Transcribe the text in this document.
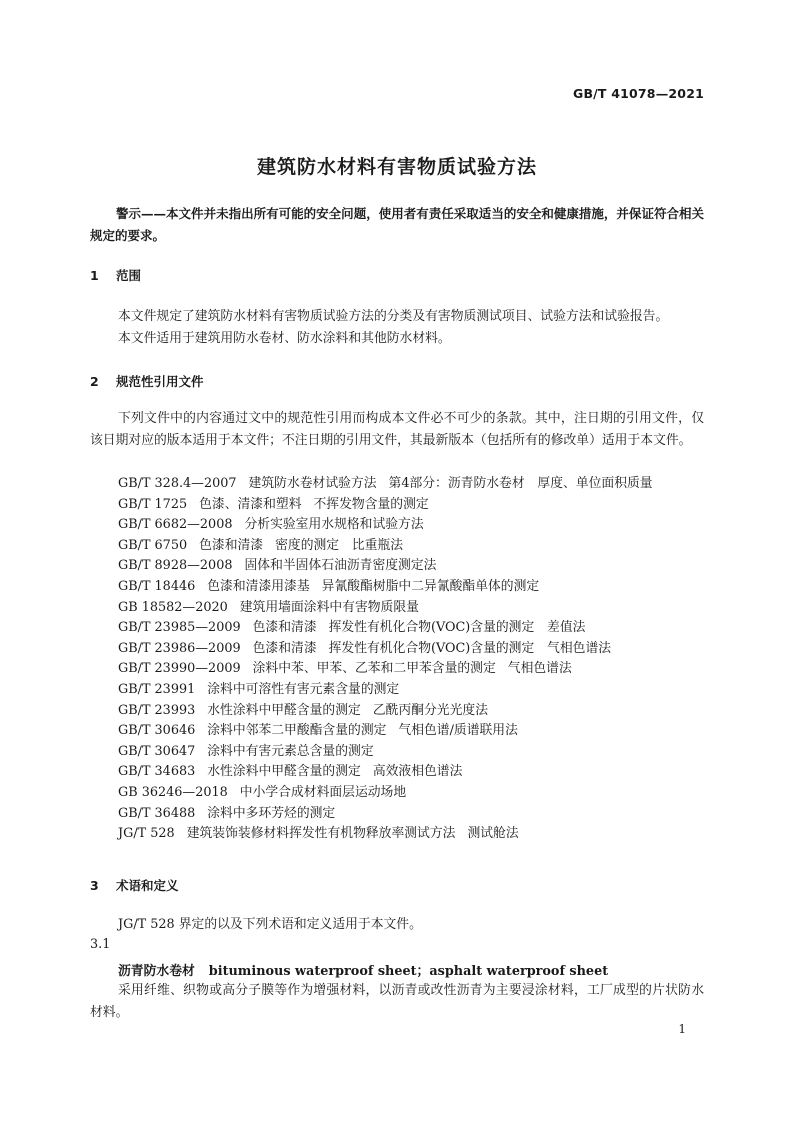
GB/T 41078—2021
建筑防水材料有害物质试验方法

警示——本文件并未指出所有可能的安全问题，使用者有责任采取适当的安全和健康措施，并保证符合相关规定的要求。

1 范围

本文件规定了建筑防水材料有害物质试验方法的分类及有害物质测试项目、试验方法和试验报告。

本文件适用于建筑用防水卷材、防水涂料和其他防水材料。

2 规范性引用文件

下列文件中的内容通过文中的规范性引用而构成本文件必不可少的条款。其中，注日期的引用文件，仅该日期对应的版本适用于本文件；不注日期的引用文件，其最新版本（包括所有的修改单）适用于本文件。

GB/T 328.4—2007 建筑防水卷材试验方法 第4部分：沥青防水卷材　厚度、单位面积质量
GB/T 1725 色漆、清漆和塑料 不挥发物含量的测定
GB/T 6682—2008 分析实验室用水规格和试验方法
GB/T 6750 色漆和清漆 密度的测定　比重瓶法
GB/T 8928—2008 固体和半固体石油沥青密度测定法
GB/T 18446 色漆和清漆用漆基 异氰酸酯树脂中二异氰酸酯单体的测定
GB 18582—2020 建筑用墙面涂料中有害物质限量
GB/T 23985—2009 色漆和清漆 挥发性有机化合物(VOC)含量的测定　差值法
GB/T 23986—2009 色漆和清漆 挥发性有机化合物(VOC)含量的测定　气相色谱法
GB/T 23990—2009 涂料中苯、甲苯、乙苯和二甲苯含量的测定 气相色谱法
GB/T 23991 涂料中可溶性有害元素含量的测定
GB/T 23993 水性涂料中甲醛含量的测定 乙酰丙酮分光光度法
GB/T 30646 涂料中邻苯二甲酸酯含量的测定 气相色谱/质谱联用法
GB/T 30647 涂料中有害元素总含量的测定
GB/T 34683 水性涂料中甲醛含量的测定 高效液相色谱法
GB 36246—2018 中小学合成材料面层运动场地
GB/T 36488 涂料中多环芳烃的测定
JG/T 528 建筑装饰装修材料挥发性有机物释放率测试方法 测试舱法
3 术语和定义

JG/T 528 界定的以及下列术语和定义适用于本文件。

3.1
沥青防水卷材 bituminous waterproof sheet；asphalt waterproof sheet

采用纤维、织物或高分子膜等作为增强材料，以沥青或改性沥青为主要浸涂材料，工厂成型的片状防水材料。

1
